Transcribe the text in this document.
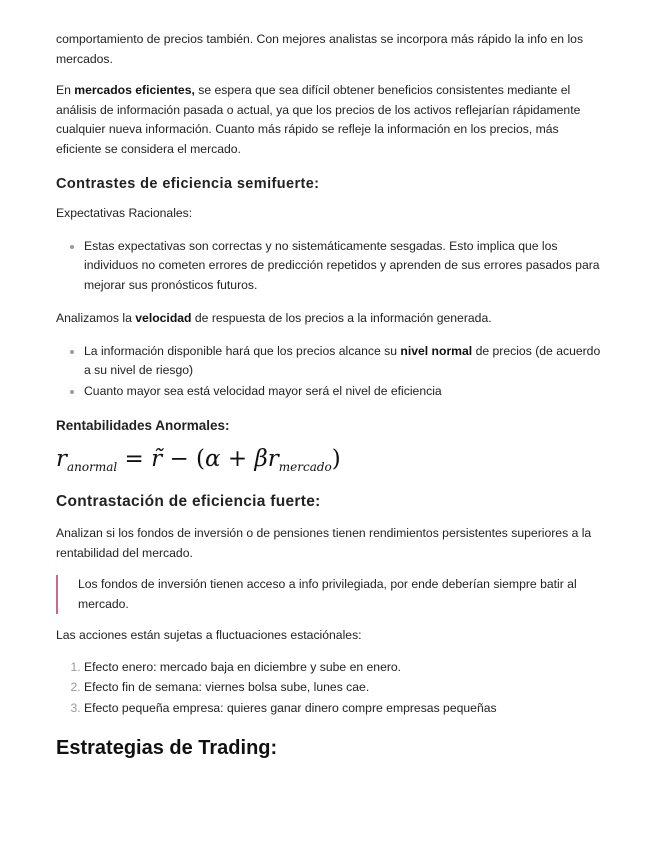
comportamiento de precios también. Con mejores analistas se incorpora más rápido la info en los mercados.

En mercados eficientes, se espera que sea difícil obtener beneficios consistentes mediante el análisis de información pasada o actual, ya que los precios de los activos reflejarían rápidamente cualquier nueva información. Cuanto más rápido se refleje la información en los precios, más eficiente se considera el mercado.

Contrastes de eficiencia semifuerte:

Expectativas Racionales:

• Estas expectativas son correctas y no sistemáticamente sesgadas. Esto implica que los individuos no cometen errores de predicción repetidos y aprenden de sus errores pasados para mejorar sus pronósticos futuros.

Analizamos la velocidad de respuesta de los precios a la información generada.

• La información disponible hará que los precios alcance su nivel normal de precios (de acuerdo a su nivel de riesgo)
• Cuanto mayor sea está velocidad mayor será el nivel de eficiencia
Rentabilidades Anormales:
$r_{anormal}$ = r̃ − $(\alpha + \beta r_{mercado})$
Contrastación de eficiencia fuerte:

Analizan si los fondos de inversión o de pensiones tienen rendimientos persistentes superiores a la rentabilidad del mercado.

Los fondos de inversión tienen acceso a info privilegiada, por ende deberían siempre batir al mercado.

Las acciones están sujetas a fluctuaciones estaciónales:

1. Efecto enero: mercado baja en diciembre y sube en enero.
2. Efecto fin de semana: viernes bolsa sube, lunes cae.
3. Efecto pequeña empresa: quieres ganar dinero compre empresas pequeñas
Estrategias de Trading:
